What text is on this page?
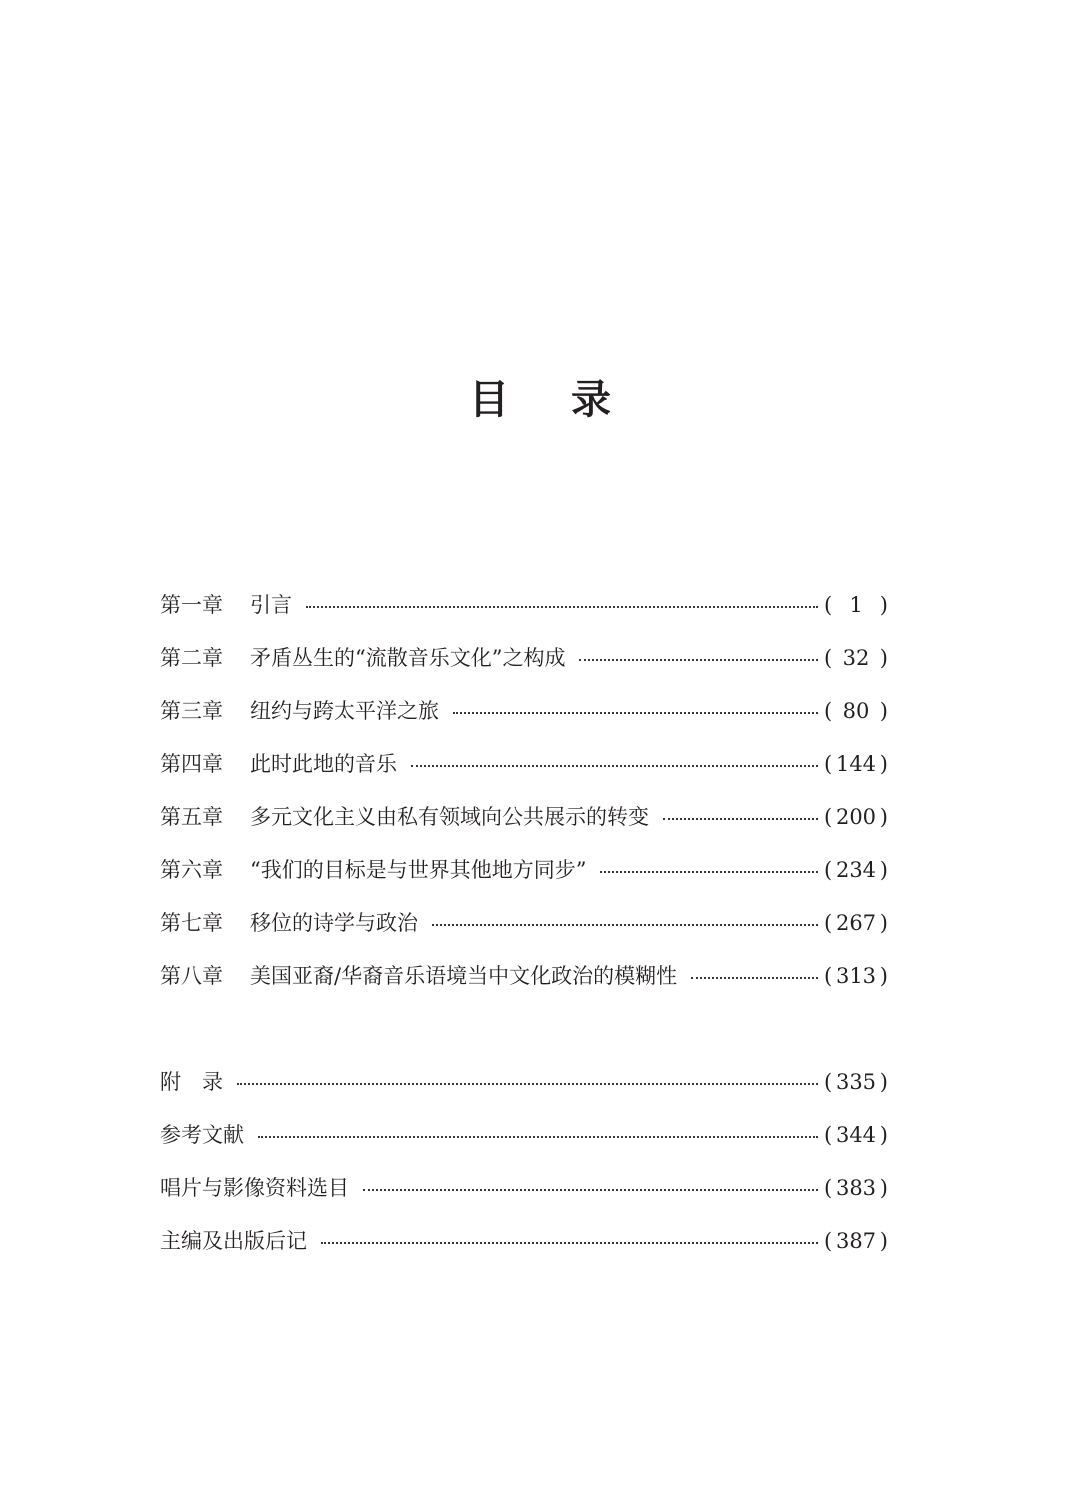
目 录
第一章	引言	( 1 )
第二章	矛盾丛生的“流散音乐文化”之构成	( 32 )
第三章	纽约与跨太平洋之旅	( 80 )
第四章	此时此地的音乐	( 144 )
第五章	多元文化主义由私有领域向公共展示的转变	( 200 )
第六章	“我们的目标是与世界其他地方同步”	( 234 )
第七章	移位的诗学与政治	( 267 )
第八章	美国亚裔/华裔音乐语境当中文化政治的模糊性	( 313 )
附　录	( 335 )
参考文献	( 344 )
唱片与影像资料选目	( 383 )
主编及出版后记	( 387 )
